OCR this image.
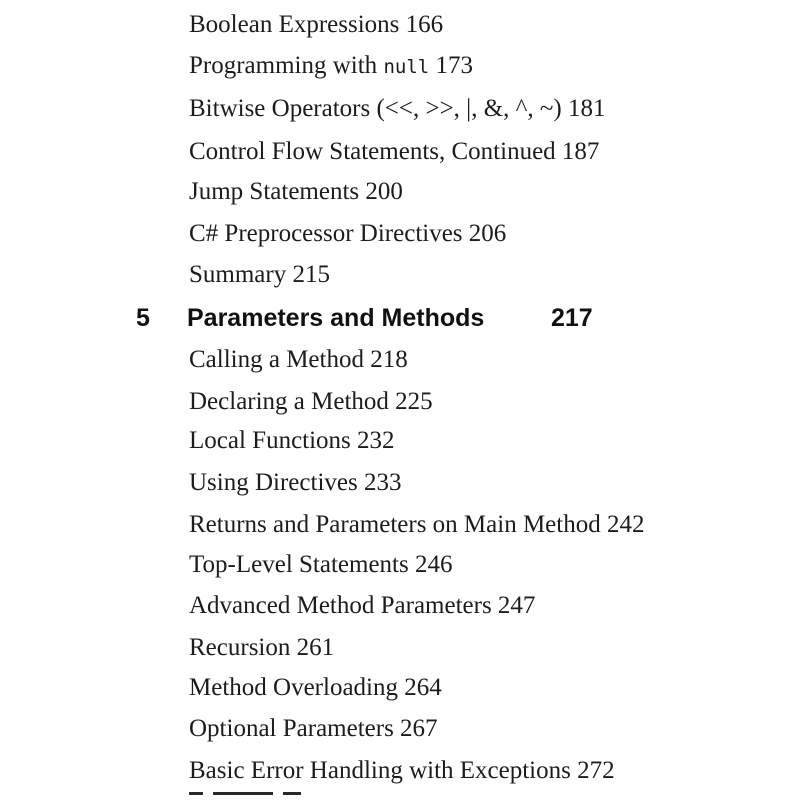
Boolean Expressions 166
Programming with null 173
Bitwise Operators (<<, >>, |, &, ^, ~) 181
Control Flow Statements, Continued 187
Jump Statements 200
C# Preprocessor Directives 206
Summary 215
5 Parameters and Methods	217
Calling a Method 218
Declaring a Method 225
Local Functions 232
Using Directives 233
Returns and Parameters on Main Method 242
Top-Level Statements 246
Advanced Method Parameters 247
Recursion 261
Method Overloading 264
Optional Parameters 267
Basic Error Handling with Exceptions 272
